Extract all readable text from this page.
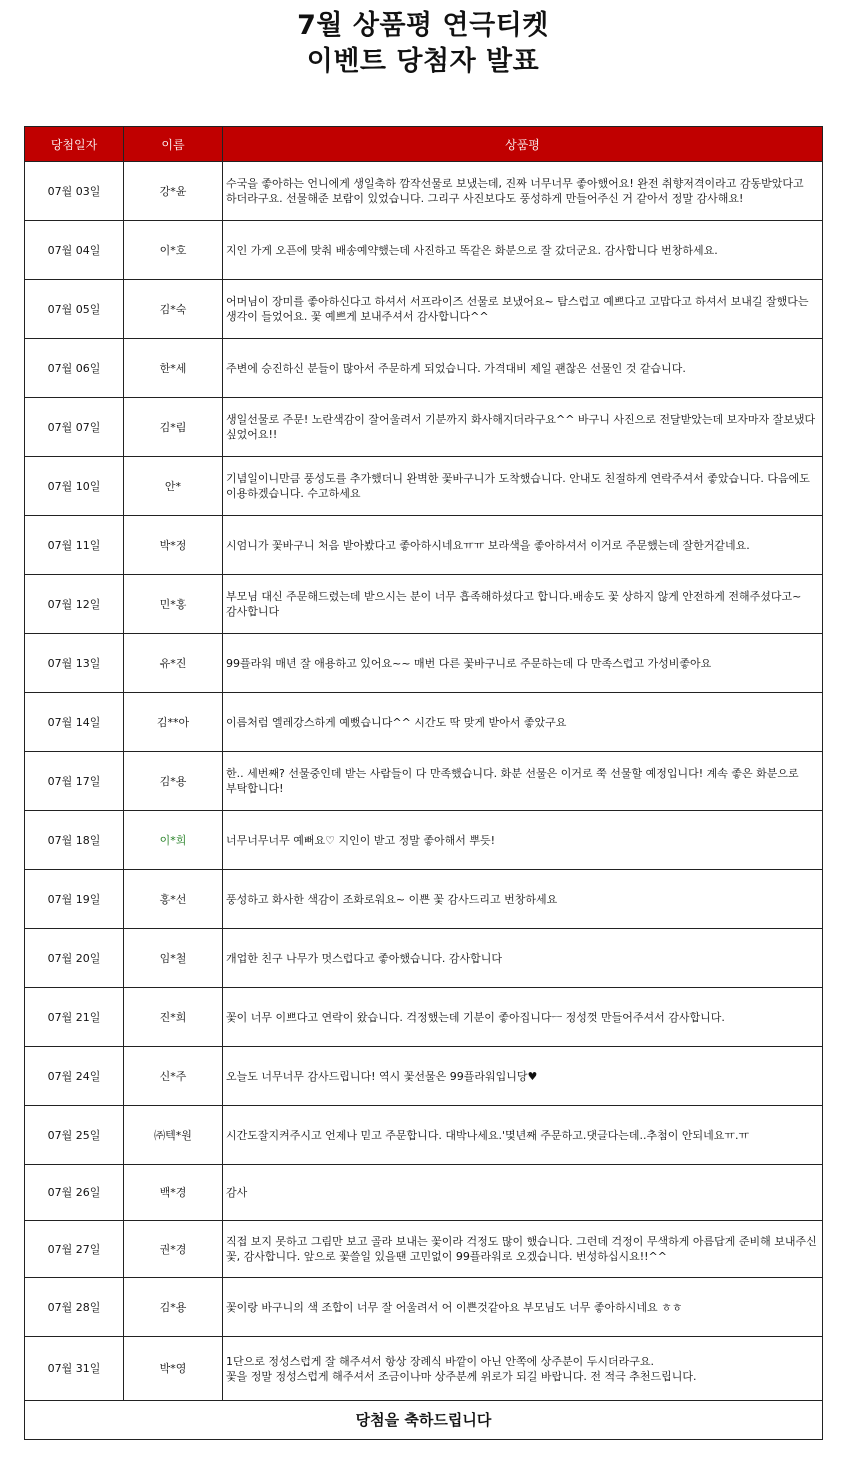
7월 상품평 연극티켓
이벤트 당첨자 발표
당첨일자	이름	상품평
07월 03일	강*윤	수국을 좋아하는 언니에게 생일축하 깜작선물로 보냈는데, 진짜 너무너무 좋아했어요! 완전 취향저격이라고 감동받았다고 하더라구요. 선물해준 보람이 있었습니다. 그리구 사진보다도 풍성하게 만들어주신 거 같아서 정말 감사해요!
07월 04일	이*호	지인 가게 오픈에 맞춰 배송예약했는데 사진하고 똑같은 화분으로 잘 갔더군요. 감사합니다 번창하세요.
07월 05일	김*숙	어머님이 장미를 좋아하신다고 하셔서 서프라이즈 선물로 보냈어요~ 탐스럽고 예쁘다고 고맙다고 하셔서 보내길 잘했다는 생각이 들었어요. 꽃 예쁘게 보내주셔서 감사합니다^^
07월 06일	한*세	주변에 승진하신 분들이 많아서 주문하게 되었습니다. 가격대비 제일 괜찮은 선물인 것 같습니다.
07월 07일	김*림	생일선물로 주문! 노란색감이 잘어울려서 기분까지 화사해지더라구요^^ 바구니 사진으로 전달받았는데 보자마자 잘보냈다 싶었어요!!
07월 10일	안*	기념일이니만큼 풍성도를 추가했더니 완벽한 꽃바구니가 도착했습니다. 안내도 친절하게 연락주셔서 좋았습니다. 다음에도 이용하겠습니다. 수고하세요
07월 11일	박*정	시엄니가 꽃바구니 처음 받아봤다고 좋아하시네요ㅠㅠ 보라색을 좋아하셔서 이거로 주문했는데 잘한거같네요.
07월 12일	민*홍	부모님 대신 주문해드렸는데 받으시는 분이 너무 흡족해하셨다고 합니다.배송도 꽃 상하지 않게 안전하게 전해주셨다고~ 감사합니다
07월 13일	유*진	99플라워 매년 잘 애용하고 있어요~~ 매번 다른 꽃바구니로 주문하는데 다 만족스럽고 가성비좋아요
07월 14일	김**아	이름처럼 엘레강스하게 예뻤습니다^^ 시간도 딱 맞게 받아서 좋았구요
07월 17일	김*용	한.. 세번째? 선물중인데 받는 사람들이 다 만족했습니다. 화분 선물은 이거로 쭉 선물할 예정입니다! 계속 좋은 화분으로 부탁합니다!
07월 18일	이*희	너무너무너무 예뻐요♡ 지인이 받고 정말 좋아해서 뿌듯!
07월 19일	홍*선	풍성하고 화사한 색감이 조화로워요~ 이쁜 꽃 감사드리고 번창하세요
07월 20일	임*철	개업한 친구 나무가 멋스럽다고 좋아했습니다. 감사합니다
07월 21일	진*희	꽃이 너무 이쁘다고 연락이 왔습니다. 걱정했는데 기분이 좋아집니다ㅡ 정성껏 만들어주셔서 감사합니다.
07월 24일	신*주	오늘도 너무너무 감사드립니다! 역시 꽃선물은 99플라워입니당♥
07월 25일	㈜텍*원	시간도잘지켜주시고 언제나 믿고 주문합니다. 대박나세요.'몇년째 주문하고.댓글다는데..추첨이 안되네요ㅠ.ㅠ
07월 26일	백*경	감사
07월 27일	권*경	직접 보지 못하고 그림만 보고 골라 보내는 꽃이라 걱정도 많이 했습니다. 그런데 걱정이 무색하게 아름답게 준비해 보내주신 꽃, 감사합니다. 앞으로 꽃쓸일 있을땐 고민없이 99플라워로 오겠습니다. 번성하십시요!!^^
07월 28일	김*용	꽃이랑 바구니의 색 조합이 너무 잘 어울려서 어 이쁜것같아요 부모님도 너무 좋아하시네요 ㅎㅎ
07월 31일	박*영	1단으로 정성스럽게 잘 해주셔서 항상 장례식 바깥이 아닌 안쪽에 상주분이 두시더라구요.
꽃을 정말 정성스럽게 해주셔서 조금이나마 상주분께 위로가 되길 바랍니다. 전 적극 추천드립니다.
당첨을 축하드립니다		
